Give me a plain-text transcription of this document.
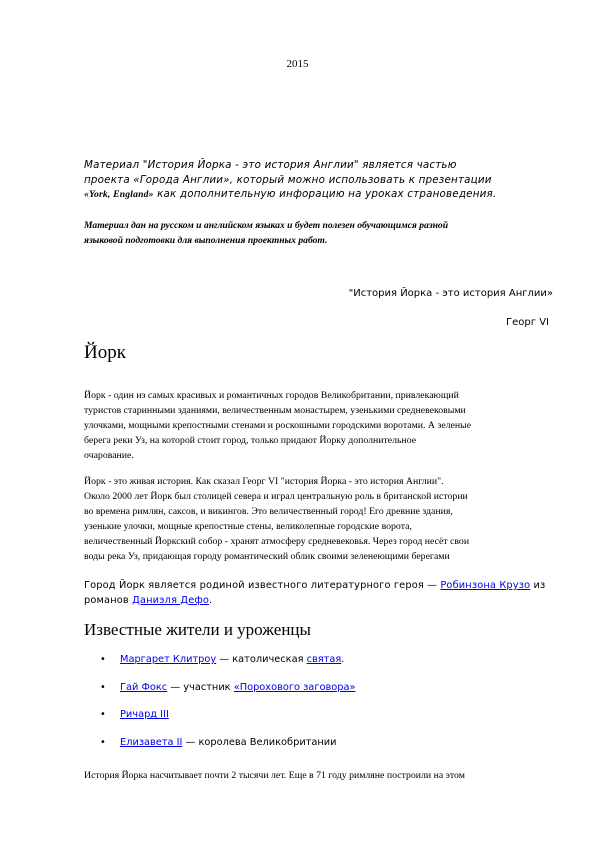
2015
Материал "История Йорка - это история Англии" является частью
проекта «Города Англии», который можно использовать к презентации
«York, England» как дополнительную инфорацию на уроках страноведения.
Материал дан на русском и английском языках и будет полезен обучающимся разной
языковой подготовки для выполнения проектных работ.
"История Йорка - это история Англии»
Георг VI
Йорк
Йорк - один из самых красивых и романтичных городов Великобритании, привлекающий
туристов старинными зданиями, величественным монастырем, узенькими средневековыми
улочками, мощными крепостными стенами и роскошными городскими воротами. А зеленые
берега реки Уз, на которой стоит город, только придают Йорку дополнительное
очарование.
Йорк - это живая история. Как сказал Георг VI "история Йорка - это история Англии".
Около 2000 лет Йорк был столицей севера и играл центральную роль в британской истории
во времена римлян, саксов, и викингов. Это величественный город! Его древние здания,
узенькие улочки, мощные крепостные стены, великолепные городские ворота,
величественный Йоркский собор - хранят атмосферу средневековья. Через город несёт свои
воды река Уз, придающая городу романтический облик своими зеленеющими берегами

Город Йорк является родиной известного литературного героя — Робинзона Крузо из романов Даниэля Дефо.

Известные жители и уроженцы
• Маргарет Клитроу — католическая святая.
• Гай Фокс — участник «Порохового заговора»
• Ричард III
• Елизавета II — королева Великобритании

История Йорка насчитывает почти 2 тысячи лет. Еще в 71 году римляне построили на этом
